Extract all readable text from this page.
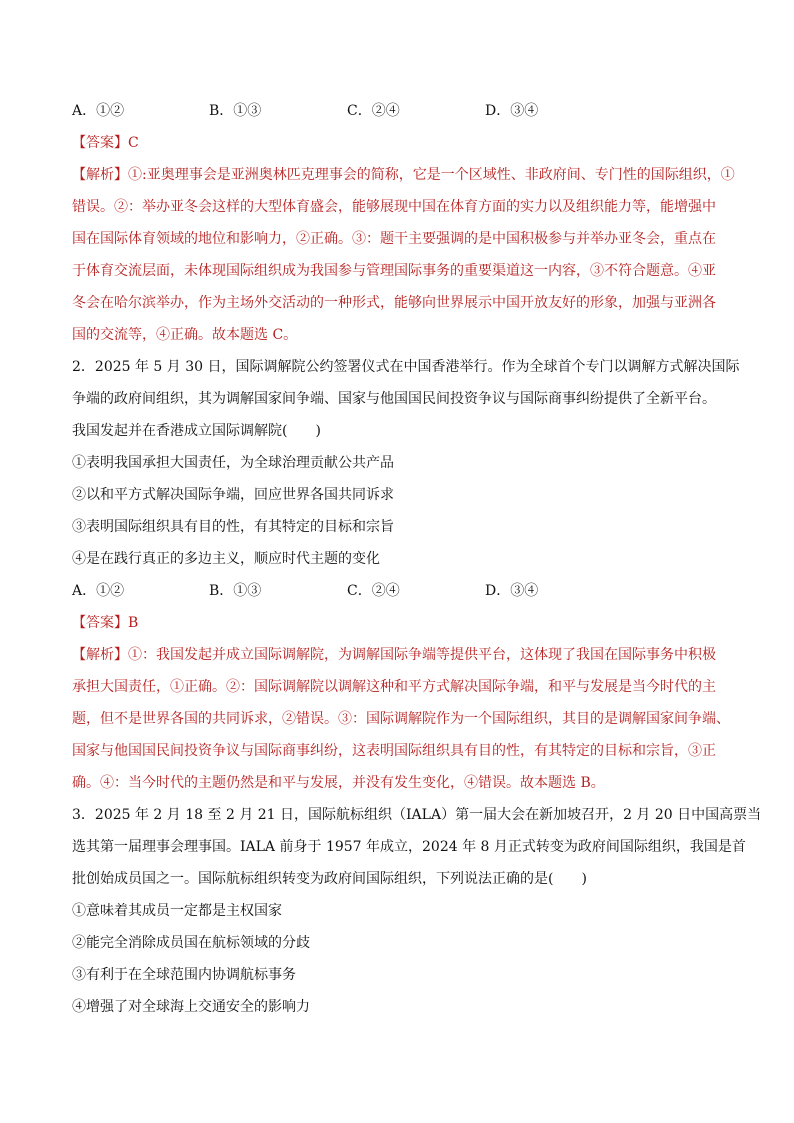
A．①②	B．①③	C．②④	D．③④
【答案】C
【解析】①:亚奥理事会是亚洲奥林匹克理事会的简称，它是一个区域性、非政府间、专门性的国际组织，①
错误。②：举办亚冬会这样的大型体育盛会，能够展现中国在体育方面的实力以及组织能力等，能增强中
国在国际体育领域的地位和影响力，②正确。③：题干主要强调的是中国积极参与并举办亚冬会，重点在
于体育交流层面，未体现国际组织成为我国参与管理国际事务的重要渠道这一内容，③不符合题意。④亚
冬会在哈尔滨举办，作为主场外交活动的一种形式，能够向世界展示中国开放友好的形象，加强与亚洲各
国的交流等，④正确。故本题选 C。
2．2025 年 5 月 30 日，国际调解院公约签署仪式在中国香港举行。作为全球首个专门以调解方式解决国际
争端的政府间组织，其为调解国家间争端、国家与他国国民间投资争议与国际商事纠纷提供了全新平台。
我国发起并在香港成立国际调解院(　　)
①表明我国承担大国责任，为全球治理贡献公共产品
②以和平方式解决国际争端，回应世界各国共同诉求
③表明国际组织具有目的性，有其特定的目标和宗旨
④是在践行真正的多边主义，顺应时代主题的变化
A．①②	B．①③	C．②④	D．③④
【答案】B
【解析】①：我国发起并成立国际调解院，为调解国际争端等提供平台，这体现了我国在国际事务中积极
承担大国责任，①正确。②：国际调解院以调解这种和平方式解决国际争端，和平与发展是当今时代的主
题，但不是世界各国的共同诉求，②错误。③：国际调解院作为一个国际组织，其目的是调解国家间争端、
国家与他国国民间投资争议与国际商事纠纷，这表明国际组织具有目的性，有其特定的目标和宗旨，③正
确。④：当今时代的主题仍然是和平与发展，并没有发生变化，④错误。故本题选 B。
3．2025 年 2 月 18 至 2 月 21 日，国际航标组织（IALA）第一届大会在新加坡召开，2 月 20 日中国高票当
选其第一届理事会理事国。IALA 前身于 1957 年成立，2024 年 8 月正式转变为政府间国际组织，我国是首
批创始成员国之一。国际航标组织转变为政府间国际组织，下列说法正确的是(　　)
①意味着其成员一定都是主权国家
②能完全消除成员国在航标领域的分歧
③有利于在全球范围内协调航标事务
④增强了对全球海上交通安全的影响力
